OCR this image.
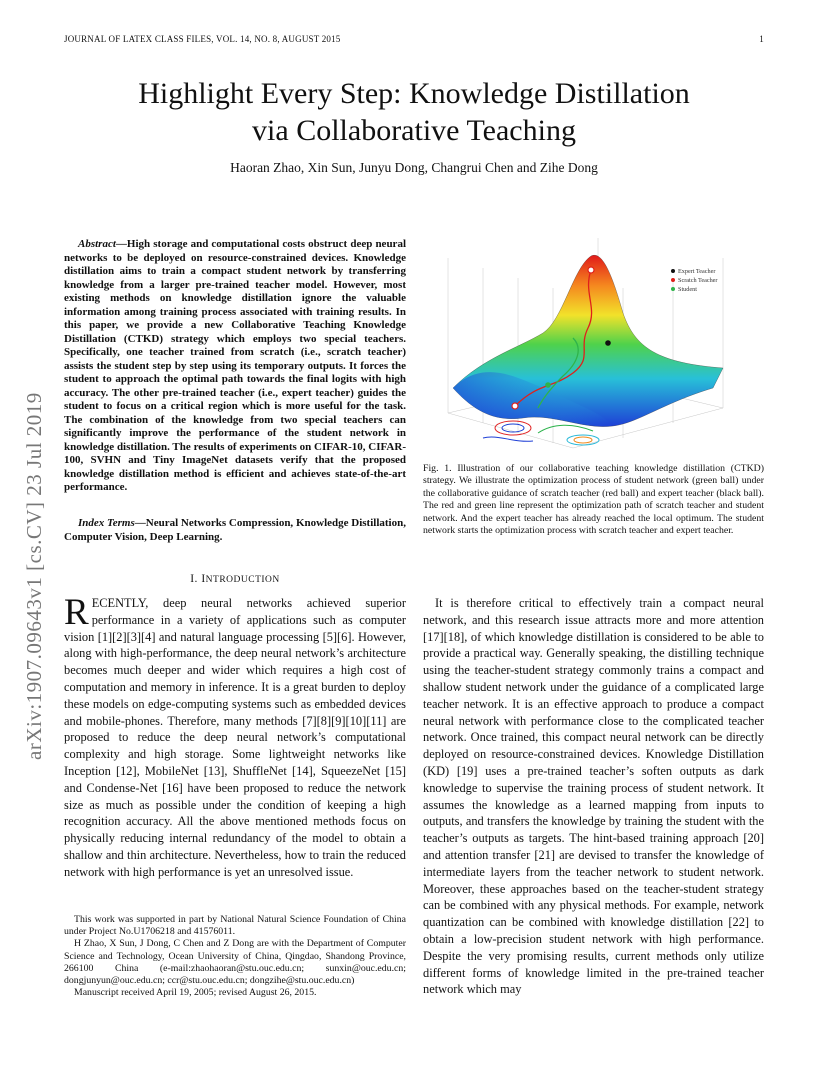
JOURNAL OF LATEX CLASS FILES, VOL. 14, NO. 8, AUGUST 2015	1
Highlight Every Step: Knowledge Distillation
via Collaborative Teaching
Haoran Zhao, Xin Sun, Junyu Dong, Changrui Chen and Zihe Dong
arXiv:1907.09643v1 [cs.CV] 23 Jul 2019
Abstract—High storage and computational costs obstruct deep neural networks to be deployed on resource-constrained devices. Knowledge distillation aims to train a compact student network by transferring knowledge from a larger pre-trained teacher model. However, most existing methods on knowledge distillation ignore the valuable information among training process associated with training results. In this paper, we provide a new Collaborative Teaching Knowledge Distillation (CTKD) strategy which employs two special teachers. Specifically, one teacher trained from scratch (i.e., scratch teacher) assists the student step by step using its temporary outputs. It forces the student to approach the optimal path towards the final logits with high accuracy. The other pre-trained teacher (i.e., expert teacher) guides the student to focus on a critical region which is more useful for the task. The combination of the knowledge from two special teachers can significantly improve the performance of the student network in knowledge distillation. The results of experiments on CIFAR-10, CIFAR-100, SVHN and Tiny ImageNet datasets verify that the proposed knowledge distillation method is efficient and achieves state-of-the-art performance.
Index Terms—Neural Networks Compression, Knowledge Distillation, Computer Vision, Deep Learning.
Expert Teacher
Scratch Teacher
Student
Fig. 1. Illustration of our collaborative teaching knowledge distillation (CTKD) strategy. We illustrate the optimization process of student network (green ball) under the collaborative guidance of scratch teacher (red ball) and expert teacher (black ball). The red and green line represent the optimization path of scratch teacher and student network. And the expert teacher has already reached the local optimum. The student network starts the optimization process with scratch teacher and expert teacher.
I. INTRODUCTION
RECENTLY, deep neural networks achieved superior performance in a variety of applications such as computer vision [1][2][3][4] and natural language processing [5][6]. However, along with high-performance, the deep neural network’s architecture becomes much deeper and wider which requires a high cost of computation and memory in inference. It is a great burden to deploy these models on edge-computing systems such as embedded devices and mobile-phones. Therefore, many methods [7][8][9][10][11] are proposed to reduce the deep neural network’s computational complexity and high storage. Some lightweight networks like Inception [12], MobileNet [13], ShuffleNet [14], SqueezeNet [15] and Condense-Net [16] have been proposed to reduce the network size as much as possible under the condition of keeping a high recognition accuracy. All the above mentioned methods focus on physically reducing internal redundancy of the model to obtain a shallow and thin architecture. Nevertheless, how to train the reduced network with high performance is yet an unresolved issue.

This work was supported in part by National Natural Science Foundation of China under Project No.U1706218 and 41576011.

H Zhao, X Sun, J Dong, C Chen and Z Dong are with the Department of Computer Science and Technology, Ocean University of China, Qingdao, Shandong Province, 266100 China (e-mail:zhaohaoran@stu.ouc.edu.cn; sunxin@ouc.edu.cn; dongjunyun@ouc.edu.cn; ccr@stu.ouc.edu.cn; dongzihe@stu.ouc.edu.cn)

Manuscript received April 19, 2005; revised August 26, 2015.

It is therefore critical to effectively train a compact neural network, and this research issue attracts more and more attention [17][18], of which knowledge distillation is considered to be able to provide a practical way. Generally speaking, the distilling technique using the teacher-student strategy commonly trains a compact and shallow student network under the guidance of a complicated large teacher network. It is an effective approach to produce a compact neural network with performance close to the complicated teacher network. Once trained, this compact neural network can be directly deployed on resource-constrained devices. Knowledge Distillation (KD) [19] uses a pre-trained teacher’s soften outputs as dark knowledge to supervise the training process of student network. It assumes the knowledge as a learned mapping from inputs to outputs, and transfers the knowledge by training the student with the teacher’s outputs as targets. The hint-based training approach [20] and attention transfer [21] are devised to transfer the knowledge of intermediate layers from the teacher network to student network. Moreover, these approaches based on the teacher-student strategy can be combined with any physical methods. For example, network quantization can be combined with knowledge distillation [22] to obtain a low-precision student network with high performance. Despite the very promising results, current methods only utilize different forms of knowledge limited in the pre-trained teacher network which may
